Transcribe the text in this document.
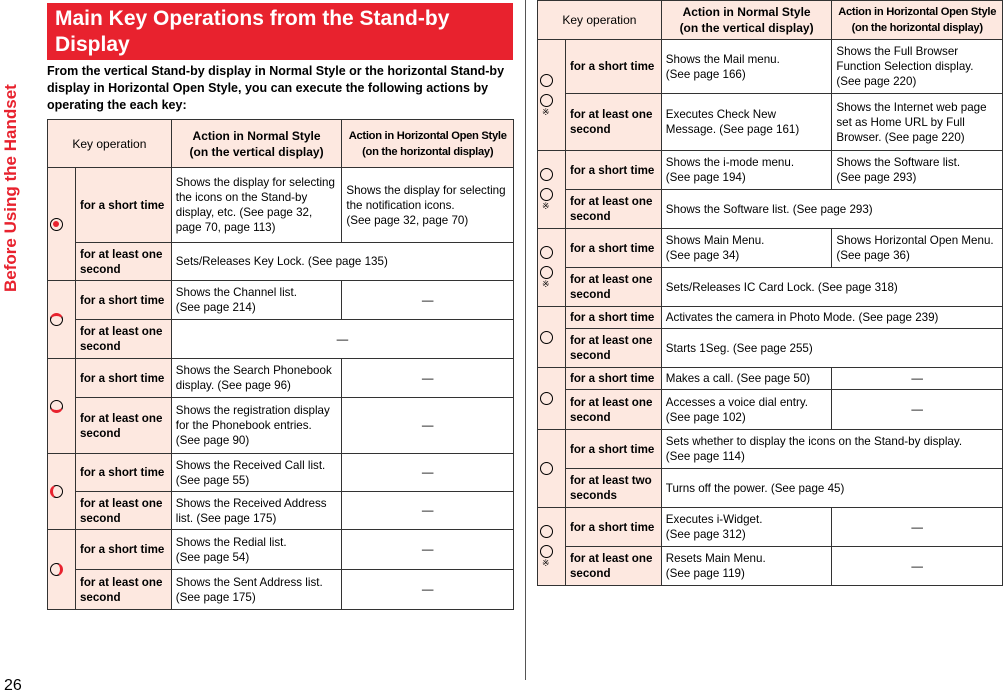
Before Using the Handset
26
Main Key Operations from the Stand-by Display
From the vertical Stand-by display in Normal Style or the horizontal Stand-by display in Horizontal Open Style, you can execute the following actions by operating the each key:
Key operation		Action in Normal Style
(on the vertical display)	Action in Horizontal Open Style
(on the horizontal display)
	for a short time	Shows the display for selecting the icons on the Stand-by display, etc. (See page 32, page 70, page 113)	Shows the display for selecting the notification icons.
(See page 32, page 70)
	for at least one second	Sets/Releases Key Lock. (See page 135)	
	for a short time	Shows the Channel list.
(See page 214)	—
	for at least one second	—	
	for a short time	Shows the Search Phonebook display. (See page 96)	—
	for at least one second	Shows the registration display for the Phonebook entries.
(See page 90)	—
	for a short time	Shows the Received Call list.
(See page 55)	—
	for at least one second	Shows the Received Address list. (See page 175)	—
	for a short time	Shows the Redial list.
(See page 54)	—
	for at least one second	Shows the Sent Address list.
(See page 175)	—
Key operation		Action in Normal Style
(on the vertical display)	Action in Horizontal Open Style
(on the horizontal display)

※	for a short time	Shows the Mail menu.
(See page 166)	Shows the Full Browser Function Selection display. (See page 220)
	for at least one second	Executes Check New Message. (See page 161)	Shows the Internet web page set as Home URL by Full Browser. (See page 220)

※	for a short time	Shows the i-mode menu.
(See page 194)	Shows the Software list.
(See page 293)
	for at least one second	Shows the Software list. (See page 293)	

※	for a short time	Shows Main Menu.
(See page 34)	Shows Horizontal Open Menu.
(See page 36)
	for at least one second	Sets/Releases IC Card Lock. (See page 318)	
	for a short time	Activates the camera in Photo Mode. (See page 239)	
	for at least one second	Starts 1Seg. (See page 255)	
	for a short time	Makes a call. (See page 50)	—
	for at least one second	Accesses a voice dial entry.
(See page 102)	—
	for a short time	Sets whether to display the icons on the Stand-by display.
(See page 114)	
	for at least two seconds	Turns off the power. (See page 45)	

※	for a short time	Executes i-Widget.
(See page 312)	—
	for at least one second	Resets Main Menu.
(See page 119)	—
